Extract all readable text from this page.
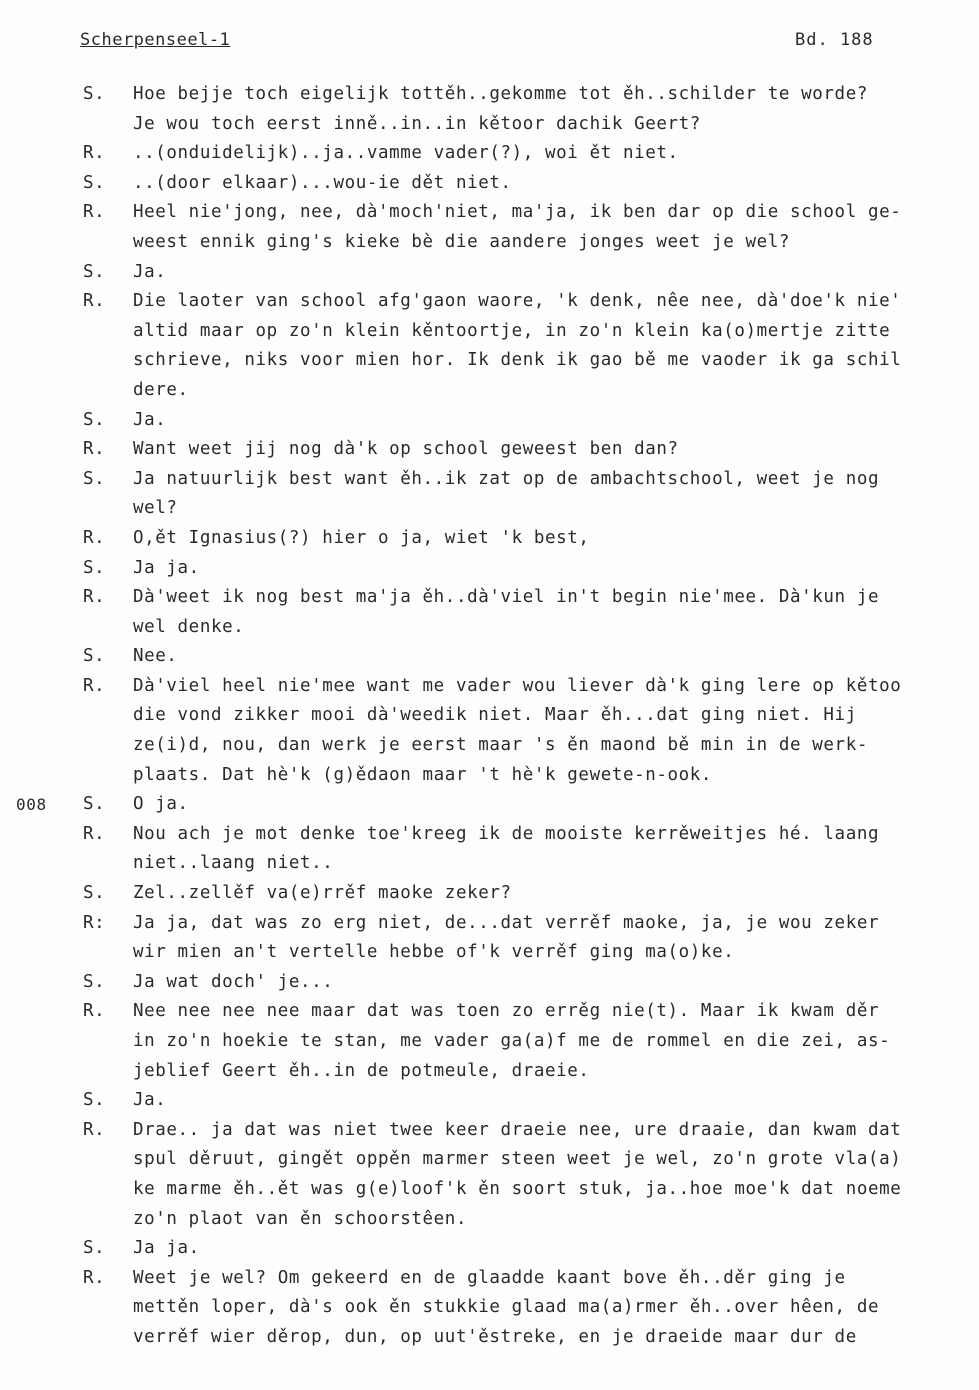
Scherpenseel-1	Bd. 188
S.	Hoe bejje toch eigelijk tottěh..gekomme tot ěh..schilder te worde?
Je wou toch eerst inně..in..in kětoor dachik Geert?
R.	..(onduidelijk)..ja..vamme vader(?), woi ět niet.
S.	..(door elkaar)...wou-ie dět niet.
R.	Heel nie'jong, nee, dà'moch'niet, ma'ja, ik ben dar op die school ge-
weest ennik ging's kieke bè die aandere jonges weet je wel?
S.	Ja.
R.	Die laoter van school afg'gaon waore, 'k denk, nêe nee, dà'doe'k nie'
altid maar op zo'n klein kěntoortje, in zo'n klein ka(o)mertje zitte
schrieve, niks voor mien hor. Ik denk ik gao bě me vaoder ik ga schil
dere.
S.	Ja.
R.	Want weet jij nog dà'k op school geweest ben dan?
S.	Ja natuurlijk best want ěh..ik zat op de ambachtschool, weet je nog
wel?
R.	O,ět Ignasius(?) hier o ja, wiet 'k best,
S.	Ja ja.
R.	Dà'weet ik nog best ma'ja ěh..dà'viel in't begin nie'mee. Dà'kun je
wel denke.
S.	Nee.
R.	Dà'viel heel nie'mee want me vader wou liever dà'k ging lere op kětoo
die vond zikker mooi dà'weedik niet. Maar ěh...dat ging niet. Hij
ze(i)d, nou, dan werk je eerst maar 's ěn maond bě min in de werk-
plaats. Dat hè'k (g)ědaon maar 't hè'k gewete-n-ook.
008	S.	O ja.
R.	Nou ach je mot denke toe'kreeg ik de mooiste kerrěweitjes hé. laang
niet..laang niet..
S.	Zel..zellěf va(e)rrěf maoke zeker?
R:	Ja ja, dat was zo erg niet, de...dat verrěf maoke, ja, je wou zeker
wir mien an't vertelle hebbe of'k verrěf ging ma(o)ke.
S.	Ja wat doch' je...
R.	Nee nee nee nee maar dat was toen zo errěg nie(t). Maar ik kwam děr
in zo'n hoekie te stan, me vader ga(a)f me de rommel en die zei, as-
jeblief Geert ěh..in de potmeule, draeie.
S.	Ja.
R.	Drae.. ja dat was niet twee keer draeie nee, ure draaie, dan kwam dat
spul děruut, gingět oppěn marmer steen weet je wel, zo'n grote vla(a)
ke marme ěh..ět was g(e)loof'k ěn soort stuk, ja..hoe moe'k dat noeme
zo'n plaot van ěn schoorstêen.
S.	Ja ja.
R.	Weet je wel? Om gekeerd en de glaadde kaant bove ěh..děr ging je
mettěn loper, dà's ook ěn stukkie glaad ma(a)rmer ěh..over hêen, de
verrěf wier děrop, dun, op uut'ěstreke, en je draeide maar dur de
